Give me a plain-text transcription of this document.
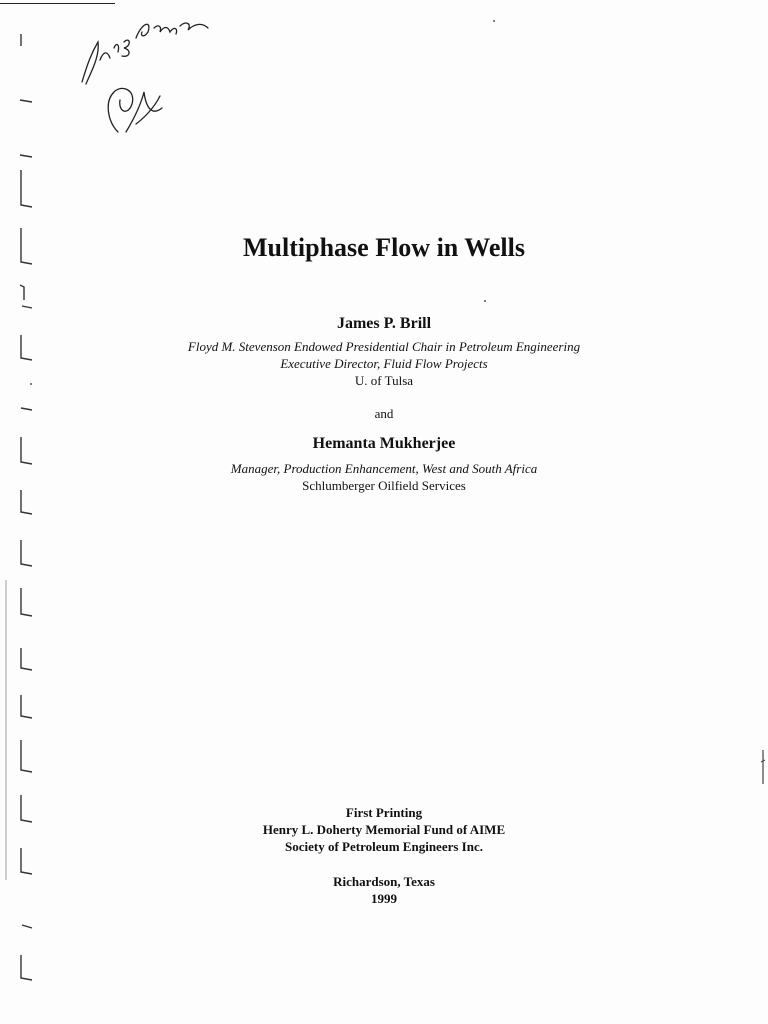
Multiphase Flow in Wells
James P. Brill
Floyd M. Stevenson Endowed Presidential Chair in Petroleum Engineering
Executive Director, Fluid Flow Projects
U. of Tulsa
and
Hemanta Mukherjee
Manager, Production Enhancement, West and South Africa
Schlumberger Oilfield Services
First Printing
Henry L. Doherty Memorial Fund of AIME
Society of Petroleum Engineers Inc.
Richardson, Texas
1999
